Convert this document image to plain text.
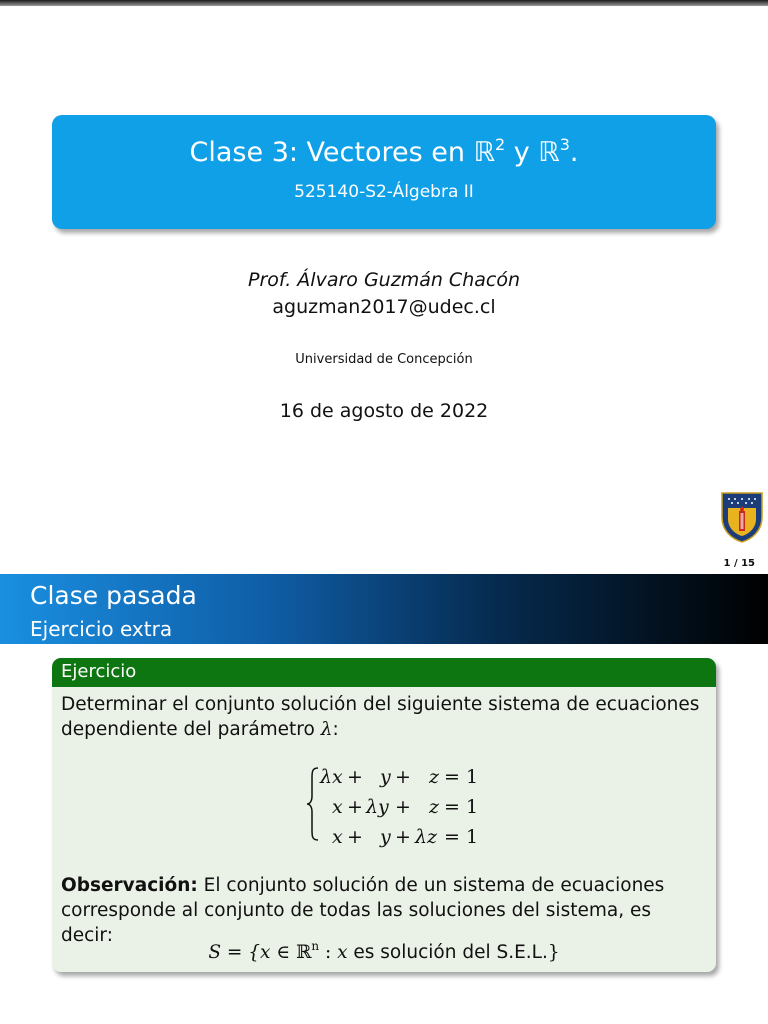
Clase 3: Vectores en ℝ$^2$ y ℝ$^3$.
525140-S2-Álgebra II
Prof. Álvaro Guzmán Chacón
aguzman2017@udec.cl
Universidad de Concepción
16 de agosto de 2022
1 / 15
Clase pasada
Ejercicio extra
Ejercicio
Determinar el conjunto solución del siguiente sistema de ecuaciones dependiente del parámetro λ:
λx + y + z = 1
x + λy + z = 1
x + y + λz = 1
Observación: El conjunto solución de un sistema de ecuaciones corresponde al conjunto de todas las soluciones del sistema, es decir:
S = {x ∈ ℝ$^n$ : x es solución del S.E.L.}
